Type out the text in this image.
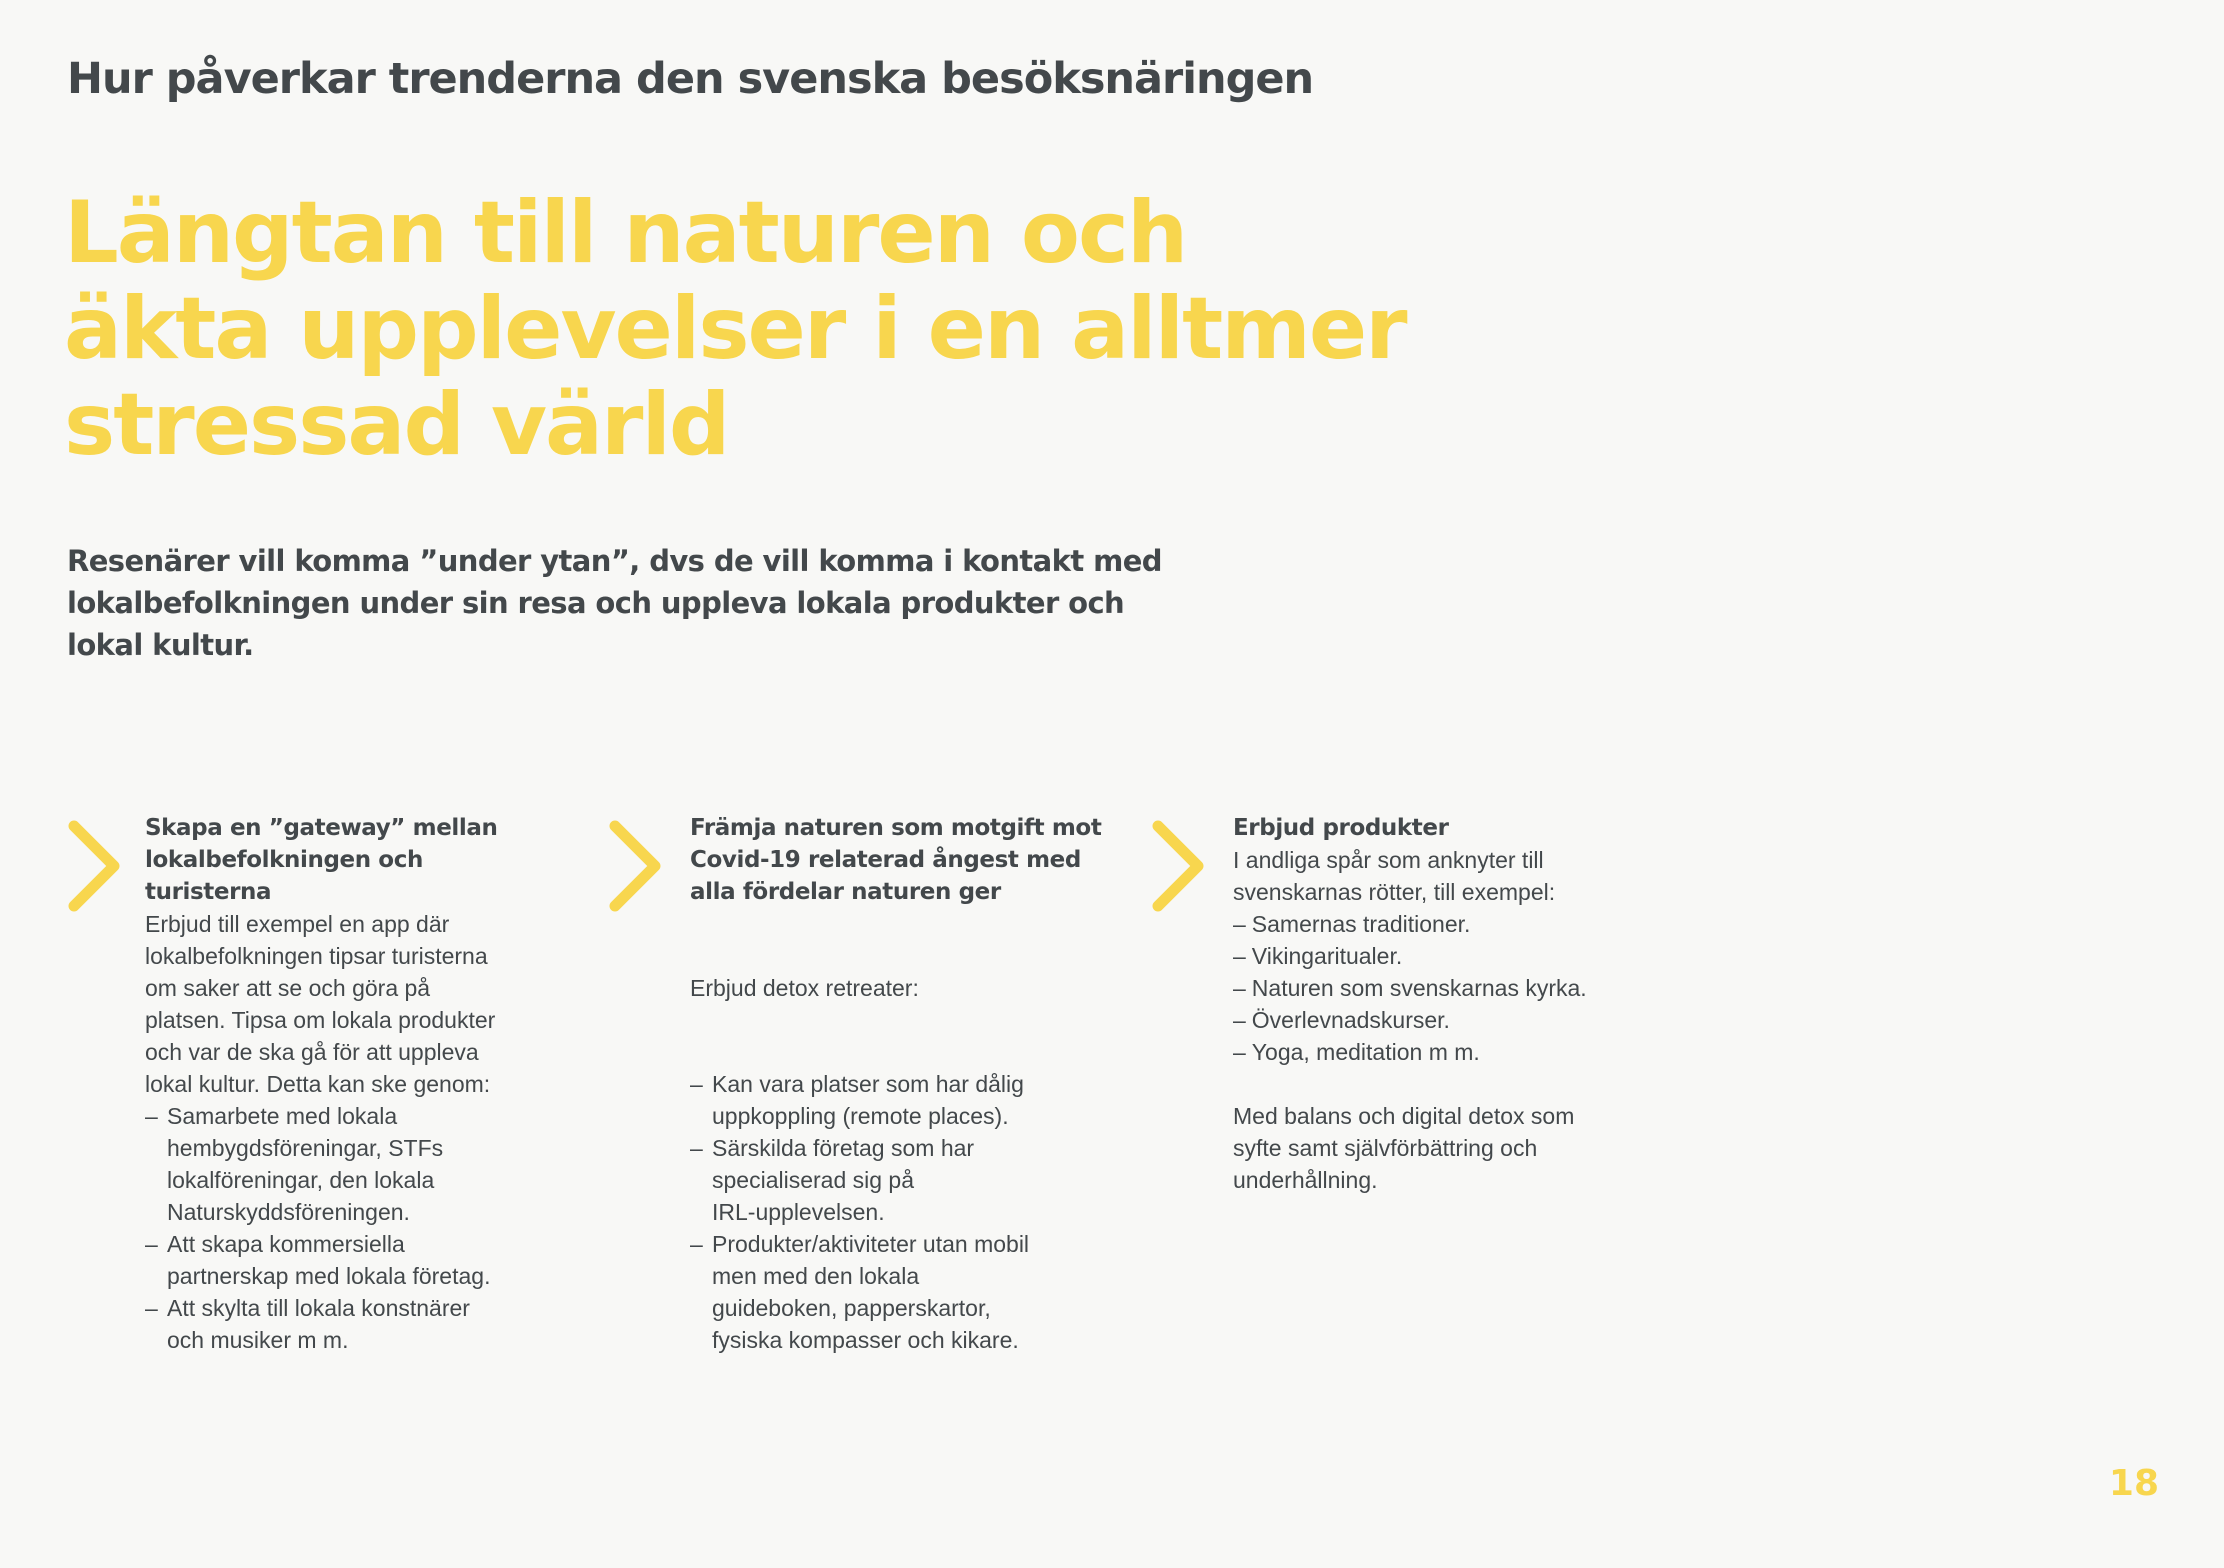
Hur påverkar trenderna den svenska besöksnäringen
Längtan till naturen och
äkta upplevelser i en alltmer
stressad värld

Resenärer vill komma ”under ytan”, dvs de vill komma i kontakt med
lokalbefolkningen under sin resa och uppleva lokala produkter och
lokal kultur.

Skapa en ”gateway” mellan
lokalbefolkningen och
turisterna

Erbjud till exempel en app där
lokalbefolkningen tipsar turisterna
om saker att se och göra på
platsen. Tipsa om lokala produkter
och var de ska gå för att uppleva
lokal kultur. Detta kan ske genom:

– Samarbete med lokala
hembygdsföreningar, STFs
lokalföreningar, den lokala
Naturskyddsföreningen.
– Att skapa kommersiella
partnerskap med lokala företag.
– Att skylta till lokala konstnärer
och musiker m m.
Främja naturen som motgift mot
Covid-19 relaterad ångest med
alla fördelar naturen ger

Erbjud detox retreater:

– Kan vara platser som har dålig
uppkoppling (remote places).
– Särskilda företag som har
specialiserad sig på
IRL-upplevelsen.
– Produkter/aktiviteter utan mobil
men med den lokala
guideboken, papperskartor,
fysiska kompasser och kikare.
Erbjud produkter

I andliga spår som anknyter till
svenskarnas rötter, till exempel:

– Samernas traditioner.
– Vikingaritualer.
– Naturen som svenskarnas kyrka.
– Överlevnadskurser.
– Yoga, meditation m m.

Med balans och digital detox som
syfte samt självförbättring och
underhållning.

18
